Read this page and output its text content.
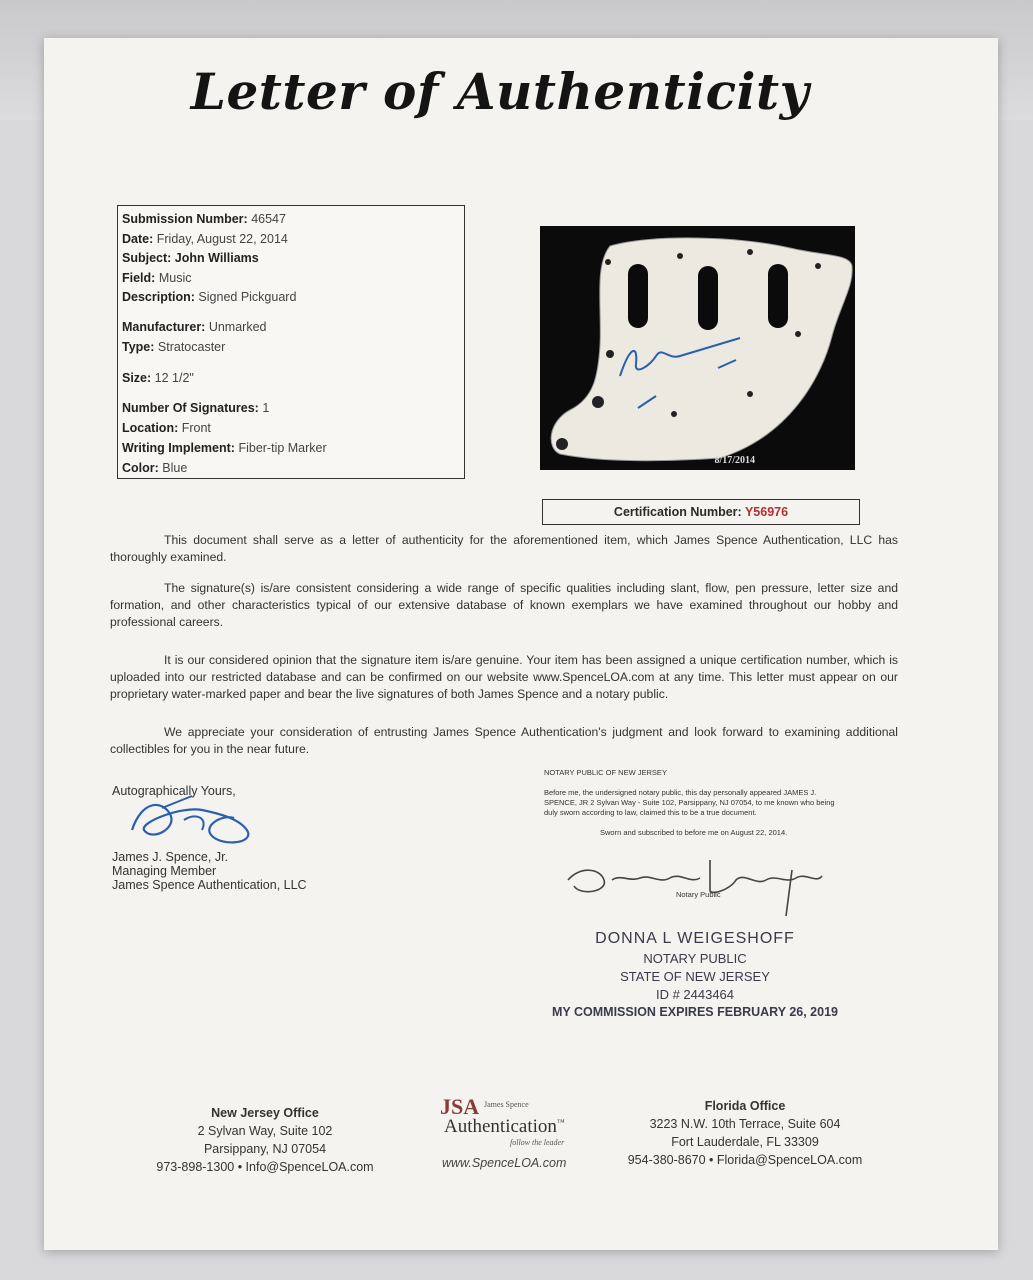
Letter of Authenticity
Submission Number: 46547
Date: Friday, August 22, 2014
Subject: John Williams
Field: Music
Description: Signed Pickguard
Manufacturer: Unmarked
Type: Stratocaster
Size: 12 1/2"
Number Of Signatures: 1
Location: Front
Writing Implement: Fiber-tip Marker
Color: Blue
8/17/2014
Certification Number: Y56976
This document shall serve as a letter of authenticity for the aforementioned item, which James Spence Authentication, LLC has thoroughly examined.
The signature(s) is/are consistent considering a wide range of specific qualities including slant, flow, pen pressure, letter size and formation, and other characteristics typical of our extensive database of known exemplars we have examined throughout our hobby and professional careers.
It is our considered opinion that the signature item is/are genuine. Your item has been assigned a unique certification number, which is uploaded into our restricted database and can be confirmed on our website www.SpenceLOA.com at any time. This letter must appear on our proprietary water-marked paper and bear the live signatures of both James Spence and a notary public.
We appreciate your consideration of entrusting James Spence Authentication's judgment and look forward to examining additional collectibles for you in the near future.
Autographically Yours,
James J. Spence, Jr.
Managing Member
James Spence Authentication, LLC
NOTARY PUBLIC OF NEW JERSEY
Before me, the undersigned notary public, this day personally appeared JAMES J. SPENCE, JR 2 Sylvan Way - Suite 102, Parsippany, NJ 07054, to me known who being duly sworn according to law, claimed this to be a true document.
Sworn and subscribed to before me on August 22, 2014.
Notary Public
DONNA L WEIGESHOFF
NOTARY PUBLIC
STATE OF NEW JERSEY
ID # 2443464
MY COMMISSION EXPIRES FEBRUARY 26, 2019
New Jersey Office
2 Sylvan Way, Suite 102
Parsippany, NJ 07054
973-898-1300 • Info@SpenceLOA.com
JSA James Spence
Authentication™
follow the leader
www.SpenceLOA.com
Florida Office
3223 N.W. 10th Terrace, Suite 604
Fort Lauderdale, FL 33309
954-380-8670 • Florida@SpenceLOA.com
